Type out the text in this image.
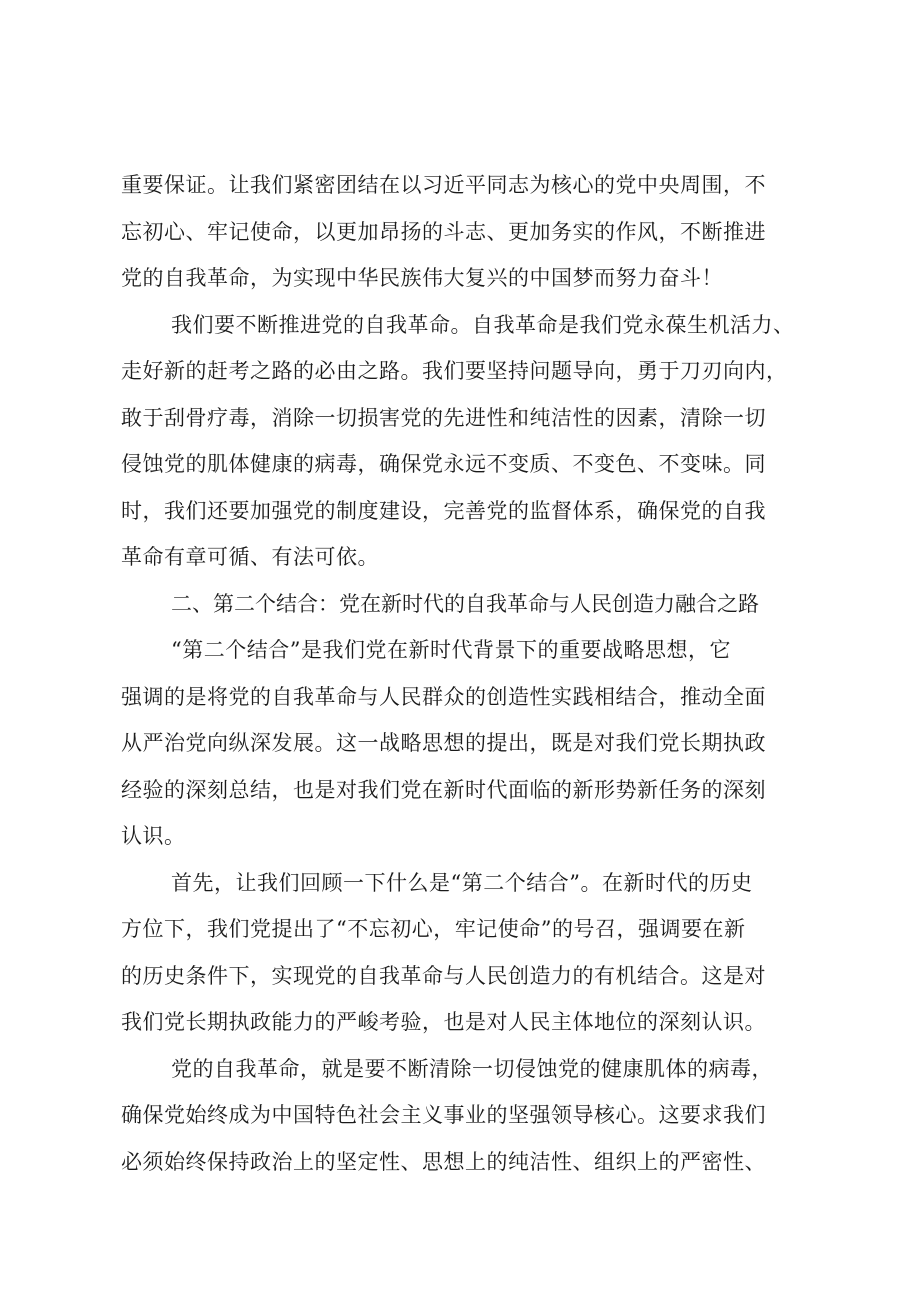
重要保证。让我们紧密团结在以习近平同志为核心的党中央周围，不
忘初心、牢记使命，以更加昂扬的斗志、更加务实的作风，不断推进
党的自我革命，为实现中华民族伟大复兴的中国梦而努力奋斗！
我们要不断推进党的自我革命。自我革命是我们党永葆生机活力、
走好新的赶考之路的必由之路。我们要坚持问题导向，勇于刀刃向内，
敢于刮骨疗毒，消除一切损害党的先进性和纯洁性的因素，清除一切
侵蚀党的肌体健康的病毒，确保党永远不变质、不变色、不变味。同
时，我们还要加强党的制度建设，完善党的监督体系，确保党的自我
革命有章可循、有法可依。
二、第二个结合：党在新时代的自我革命与人民创造力融合之路
“第二个结合”是我们党在新时代背景下的重要战略思想，它
强调的是将党的自我革命与人民群众的创造性实践相结合，推动全面
从严治党向纵深发展。这一战略思想的提出，既是对我们党长期执政
经验的深刻总结，也是对我们党在新时代面临的新形势新任务的深刻
认识。
首先，让我们回顾一下什么是“第二个结合”。在新时代的历史
方位下，我们党提出了“不忘初心，牢记使命”的号召，强调要在新
的历史条件下，实现党的自我革命与人民创造力的有机结合。这是对
我们党长期执政能力的严峻考验，也是对人民主体地位的深刻认识。
党的自我革命，就是要不断清除一切侵蚀党的健康肌体的病毒，
确保党始终成为中国特色社会主义事业的坚强领导核心。这要求我们
必须始终保持政治上的坚定性、思想上的纯洁性、组织上的严密性、
